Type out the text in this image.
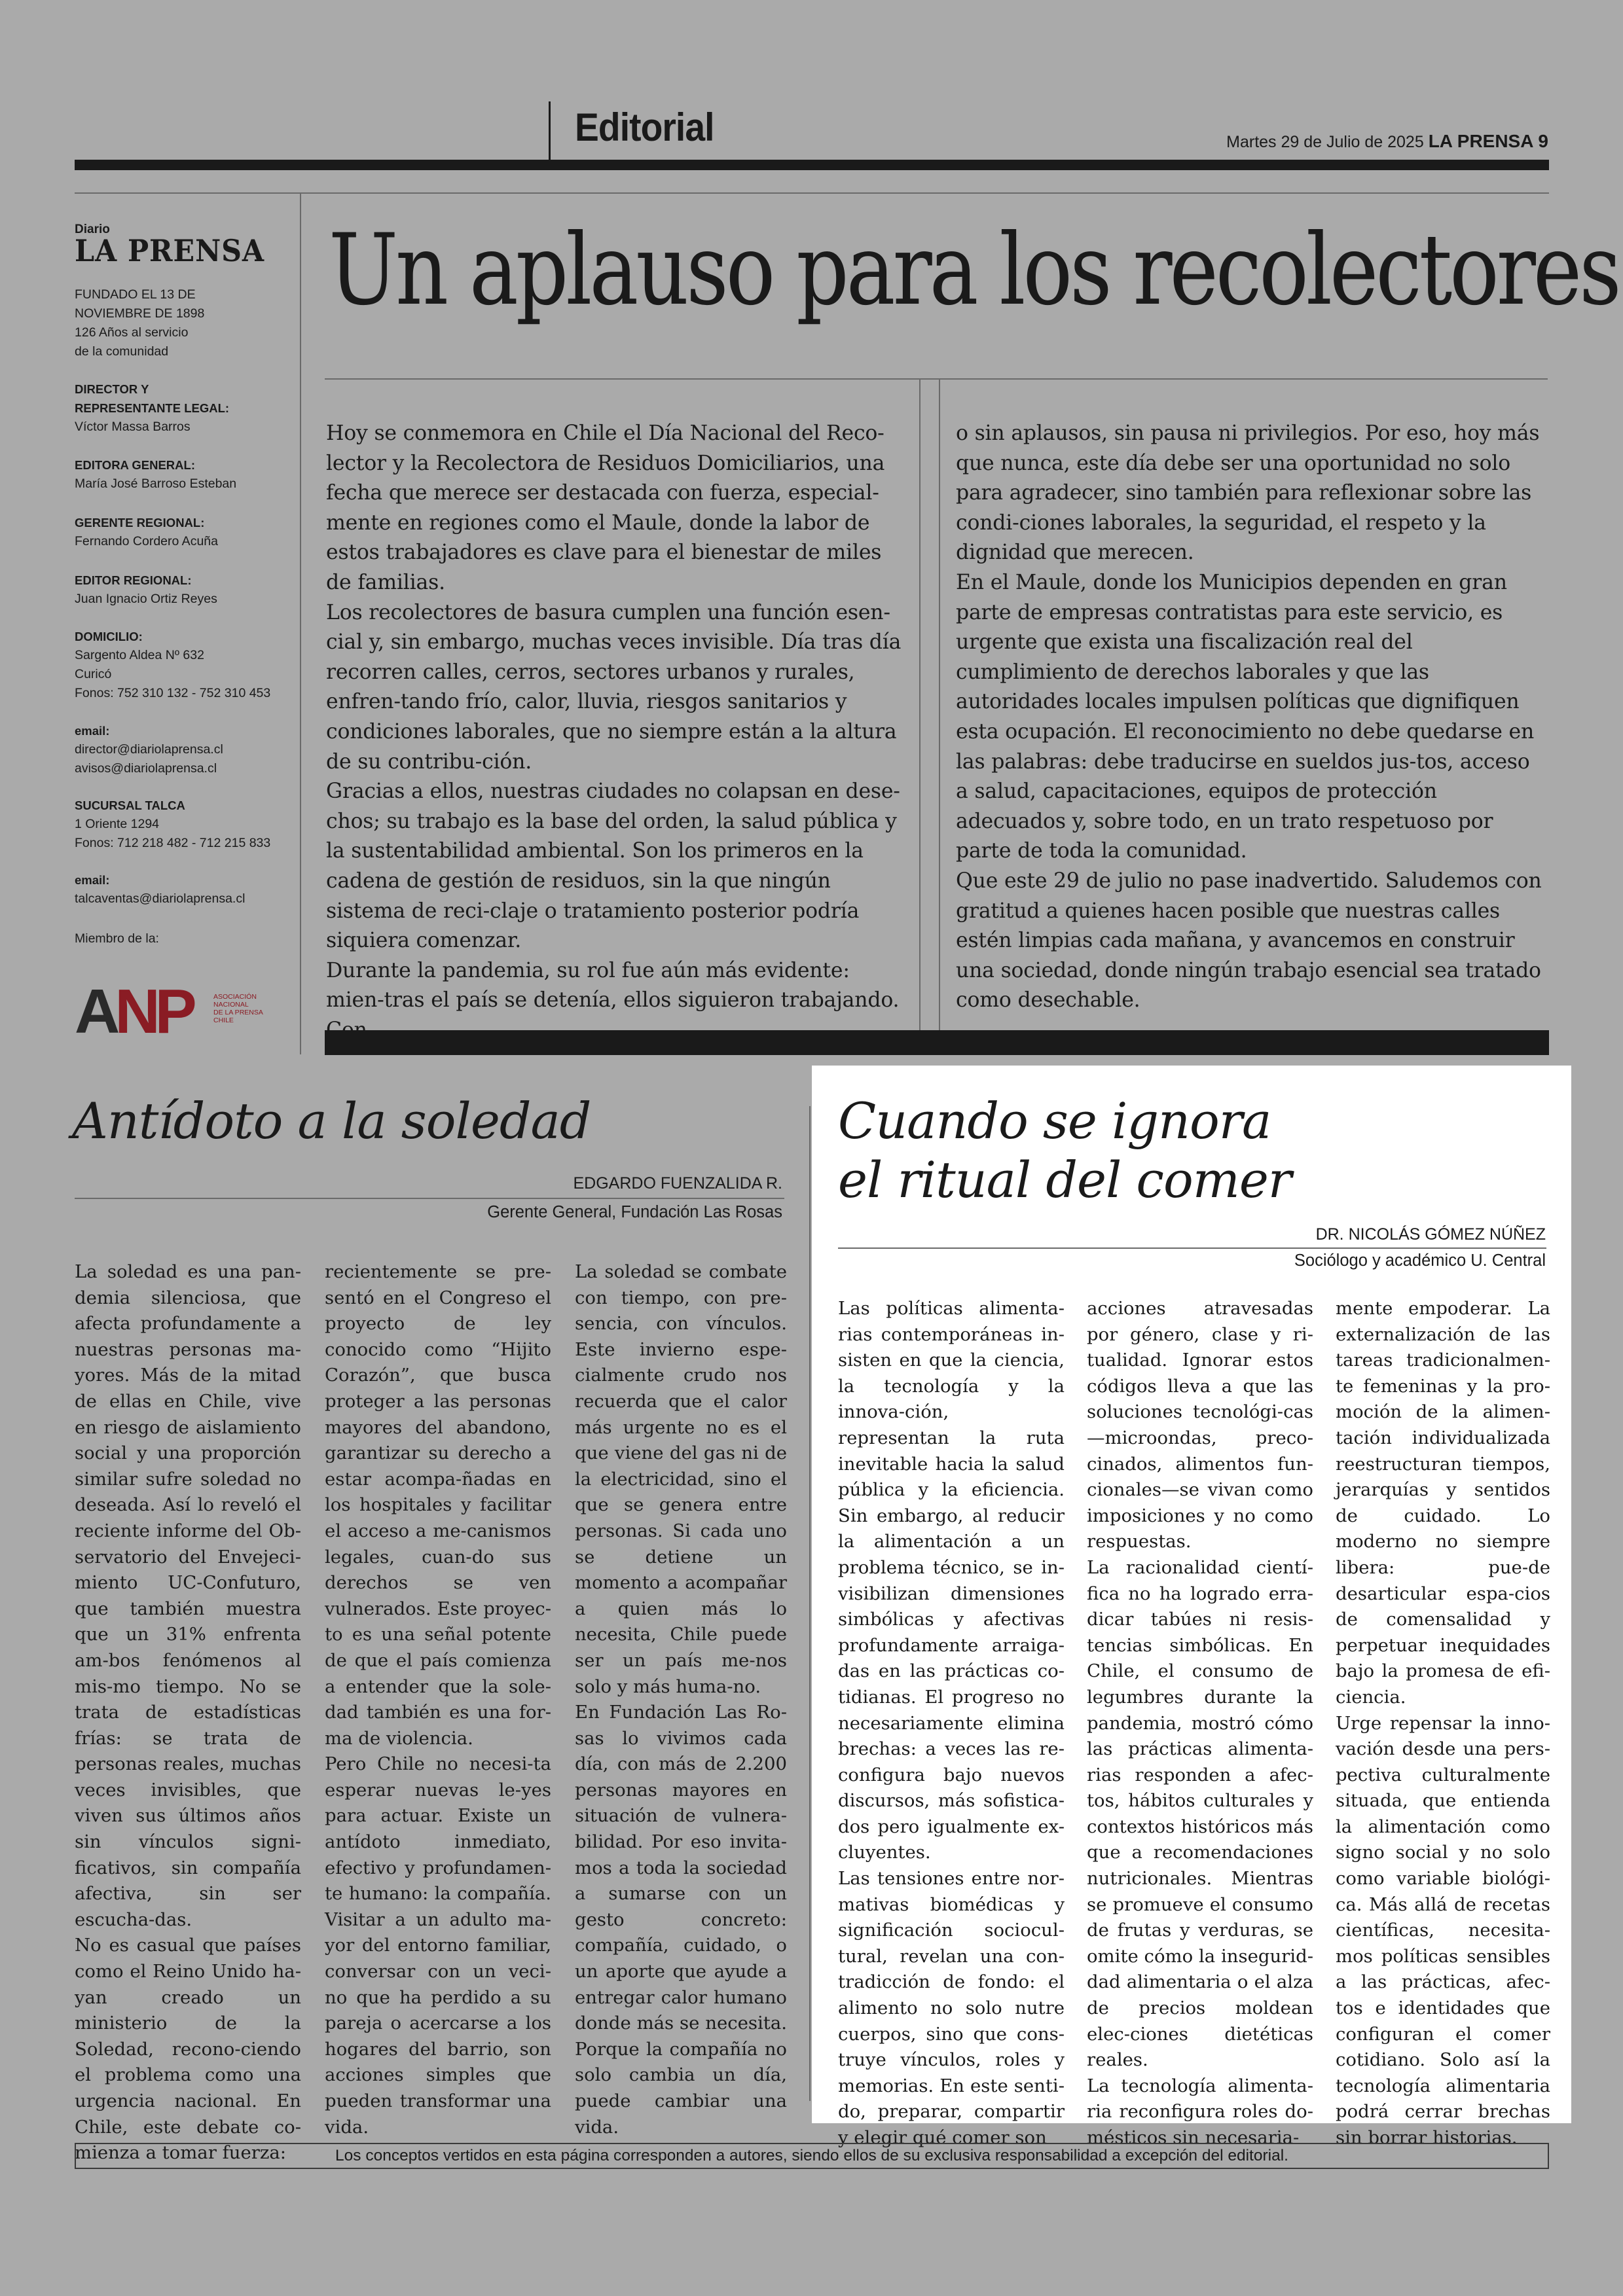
Editorial	Martes 29 de Julio de 2025 LA PRENSA 9
Diario
LA PRENSA
FUNDADO EL 13 DE
NOVIEMBRE DE 1898
126 Años al servicio
de la comunidad
DIRECTOR Y
REPRESENTANTE LEGAL:
Víctor Massa Barros
EDITORA GENERAL:
María José Barroso Esteban
GERENTE REGIONAL:
Fernando Cordero Acuña
EDITOR REGIONAL:
Juan Ignacio Ortiz Reyes
DOMICILIO:
Sargento Aldea Nº 632
Curicó
Fonos: 752 310 132 - 752 310 453
email:
director@diariolaprensa.cl
avisos@diariolaprensa.cl
SUCURSAL TALCA
1 Oriente 1294
Fonos: 712 218 482 - 712 215 833
email:
talcaventas@diariolaprensa.cl
Miembro de la:
ANP	ASOCIACIÓN
NACIONAL
DE LA PRENSA
CHILE
Un aplauso para los recolectores

Hoy se conmemora en Chile el Día Nacional del Reco-​lector y la Recolectora de Residuos Domiciliarios, una fecha que merece ser destacada con fuerza, especial-​mente en regiones como el Maule, donde la labor de estos trabajadores es clave para el bienestar de miles de familias.

Los recolectores de basura cumplen una función esen-​cial y, sin embargo, muchas veces invisible. Día tras día recorren calles, cerros, sectores urbanos y rurales, enfren-​tando frío, calor, lluvia, riesgos sanitarios y condiciones laborales, que no siempre están a la altura de su contribu-​ción.

Gracias a ellos, nuestras ciudades no colapsan en dese-​chos; su trabajo es la base del orden, la salud pública y la sustentabilidad ambiental. Son los primeros en la cadena de gestión de residuos, sin la que ningún sistema de reci-​claje o tratamiento posterior podría siquiera comenzar.

Durante la pandemia, su rol fue aún más evidente: mien-​tras el país se detenía, ellos siguieron trabajando.

o sin aplausos, sin pausa ni privilegios. Por eso, hoy más que nunca, este día debe ser una oportunidad no solo para agradecer, sino también para reflexionar sobre las condi-​ciones laborales, la seguridad, el respeto y la dignidad que merecen.

En el Maule, donde los Municipios dependen en gran parte de empresas contratistas para este servicio, es urgente que exista una fiscalización real del cumplimiento de derechos laborales y que las autoridades locales impulsen políticas que dignifiquen esta ocupación. El reconocimiento no debe quedarse en las palabras: debe traducirse en sueldos jus-​tos, acceso a salud, capacitaciones, equipos de protección adecuados y, sobre todo, en un trato respetuoso por parte de toda la comunidad.

Que este 29 de julio no pase inadvertido. Saludemos con gratitud a quienes hacen posible que nuestras calles estén limpias cada mañana, y avancemos en construir una sociedad, donde ningún trabajo esencial sea tratado como desechable.

Antídoto a la soledad
EDGARDO FUENZALIDA R.
Gerente General, Fundación Las Rosas

La soledad es una pan-​demia silenciosa, que afecta profundamente a nuestras personas ma-​yores. Más de la mitad de ellas en Chile, vive en riesgo de aislamiento social y una proporción similar sufre soledad no deseada. Así lo reveló el reciente informe del Ob-​servatorio del Envejeci-​miento UC-Confuturo, que también muestra que un 31% enfrenta am-​bos fenómenos al mis-​mo tiempo. No se trata de estadísticas frías: se trata de personas reales, muchas veces invisibles, que viven sus últimos años sin vínculos signi-​ficativos, sin compañía afectiva, sin ser escucha-​das.

No es casual que países como el Reino Unido ha-​yan creado un ministerio de la Soledad, recono-​ciendo el problema como una urgencia nacional. En Chile, este debate co-​mienza a tomar fuerza:

recientemente se pre-​sentó en el Congreso el proyecto de ley conocido como “Hijito Corazón”, que busca proteger a las personas mayores del abandono, garantizar su derecho a estar acompa-​ñadas en los hospitales y facilitar el acceso a me-​canismos legales, cuan-​do sus derechos se ven vulnerados. Este proyec-​to es una señal potente de que el país comienza a entender que la sole-​dad también es una for-​ma de violencia.

Pero Chile no necesi-​ta esperar nuevas le-​yes para actuar. Existe un antídoto inmediato, efectivo y profundamen-​te humano: la compañía. Visitar a un adulto ma-​yor del entorno familiar, conversar con un veci-​no que ha perdido a su pareja o acercarse a los hogares del barrio, son acciones simples que pueden transformar una vida.

La soledad se combate con tiempo, con pre-​sencia, con vínculos. Este invierno espe-​cialmente crudo nos recuerda que el calor más urgente no es el que viene del gas ni de la electricidad, sino el que se genera entre personas. Si cada uno se detiene un momento a acompañar a quien más lo necesita, Chile puede ser un país me-​nos solo y más huma-​no.

En Fundación Las Ro-​sas lo vivimos cada día, con más de 2.200 personas mayores en situación de vulnera-​bilidad. Por eso invita-​mos a toda la sociedad a sumarse con un gesto concreto: compañía, cuidado, o un aporte que ayude a entregar calor humano donde más se necesita. Porque la compañía no solo cambia un día, puede cambiar una vida.

Cuando se ignora
el ritual del comer
DR. NICOLÁS GÓMEZ NÚÑEZ
Sociólogo y académico U. Central

Las políticas alimenta-​rias contemporáneas in-​sisten en que la ciencia, la tecnología y la innova-​ción, representan la ruta inevitable hacia la salud pública y la eficiencia. Sin embargo, al reducir la alimentación a un problema técnico, se in-​visibilizan dimensiones simbólicas y afectivas profundamente arraiga-​das en las prácticas co-​tidianas. El progreso no necesariamente elimina brechas: a veces las re-​configura bajo nuevos discursos, más sofistica-​dos pero igualmente ex-​cluyentes.

Las tensiones entre nor-​mativas biomédicas y significación sociocul-​tural, revelan una con-​tradicción de fondo: el alimento no solo nutre cuerpos, sino que cons-​truye vínculos, roles y memorias. En este senti-​do, preparar, compartir y elegir qué comer son

acciones atravesadas por género, clase y ri-​tualidad. Ignorar estos códigos lleva a que las soluciones tecnológi-​cas—microondas, preco-​cinados, alimentos fun-​cionales—se vivan como imposiciones y no como respuestas.

La racionalidad cientí-​fica no ha logrado erra-​dicar tabúes ni resis-​tencias simbólicas. En Chile, el consumo de legumbres durante la pandemia, mostró cómo las prácticas alimenta-​rias responden a afec-​tos, hábitos culturales y contextos históricos más que a recomendaciones nutricionales. Mientras se promueve el consumo de frutas y verduras, se omite cómo la insegurid-​dad alimentaria o el alza de precios moldean elec-​ciones dietéticas reales.

La tecnología alimenta-​ria reconfigura roles do-​mésticos sin necesaria-

mente empoderar. La externalización de las tareas tradicionalmen-​te femeninas y la pro-​moción de la alimen-​tación individualizada reestructuran tiempos, jerarquías y sentidos de cuidado. Lo moderno no siempre libera: pue-​de desarticular espa-​cios de comensalidad y perpetuar inequidades bajo la promesa de efi-​ciencia.

Urge repensar la inno-​vación desde una pers-​pectiva culturalmente situada, que entienda la alimentación como signo social y no solo como variable biológi-​ca. Más allá de recetas científicas, necesita-​mos políticas sensibles a las prácticas, afec-​tos e identidades que configuran el comer cotidiano. Solo así la tecnología alimentaria podrá cerrar brechas sin borrar historias.

Los conceptos vertidos en esta página corresponden a autores, siendo ellos de su exclusiva responsabilidad a excepción del editorial.
